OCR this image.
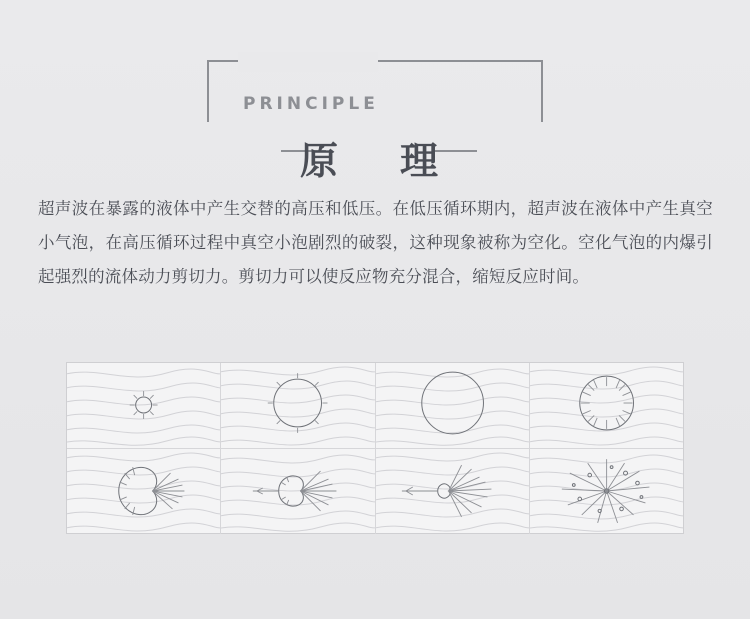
PRINCIPLE
原　理
超声波在暴露的液体中产生交替的高压和低压。在低压循环期内，超声波在液体中产生真空小气泡，在高压循环过程中真空小泡剧烈的破裂，这种现象被称为空化。空化气泡的内爆引起强烈的流体动力剪切力。剪切力可以使反应物充分混合，缩短反应时间。
